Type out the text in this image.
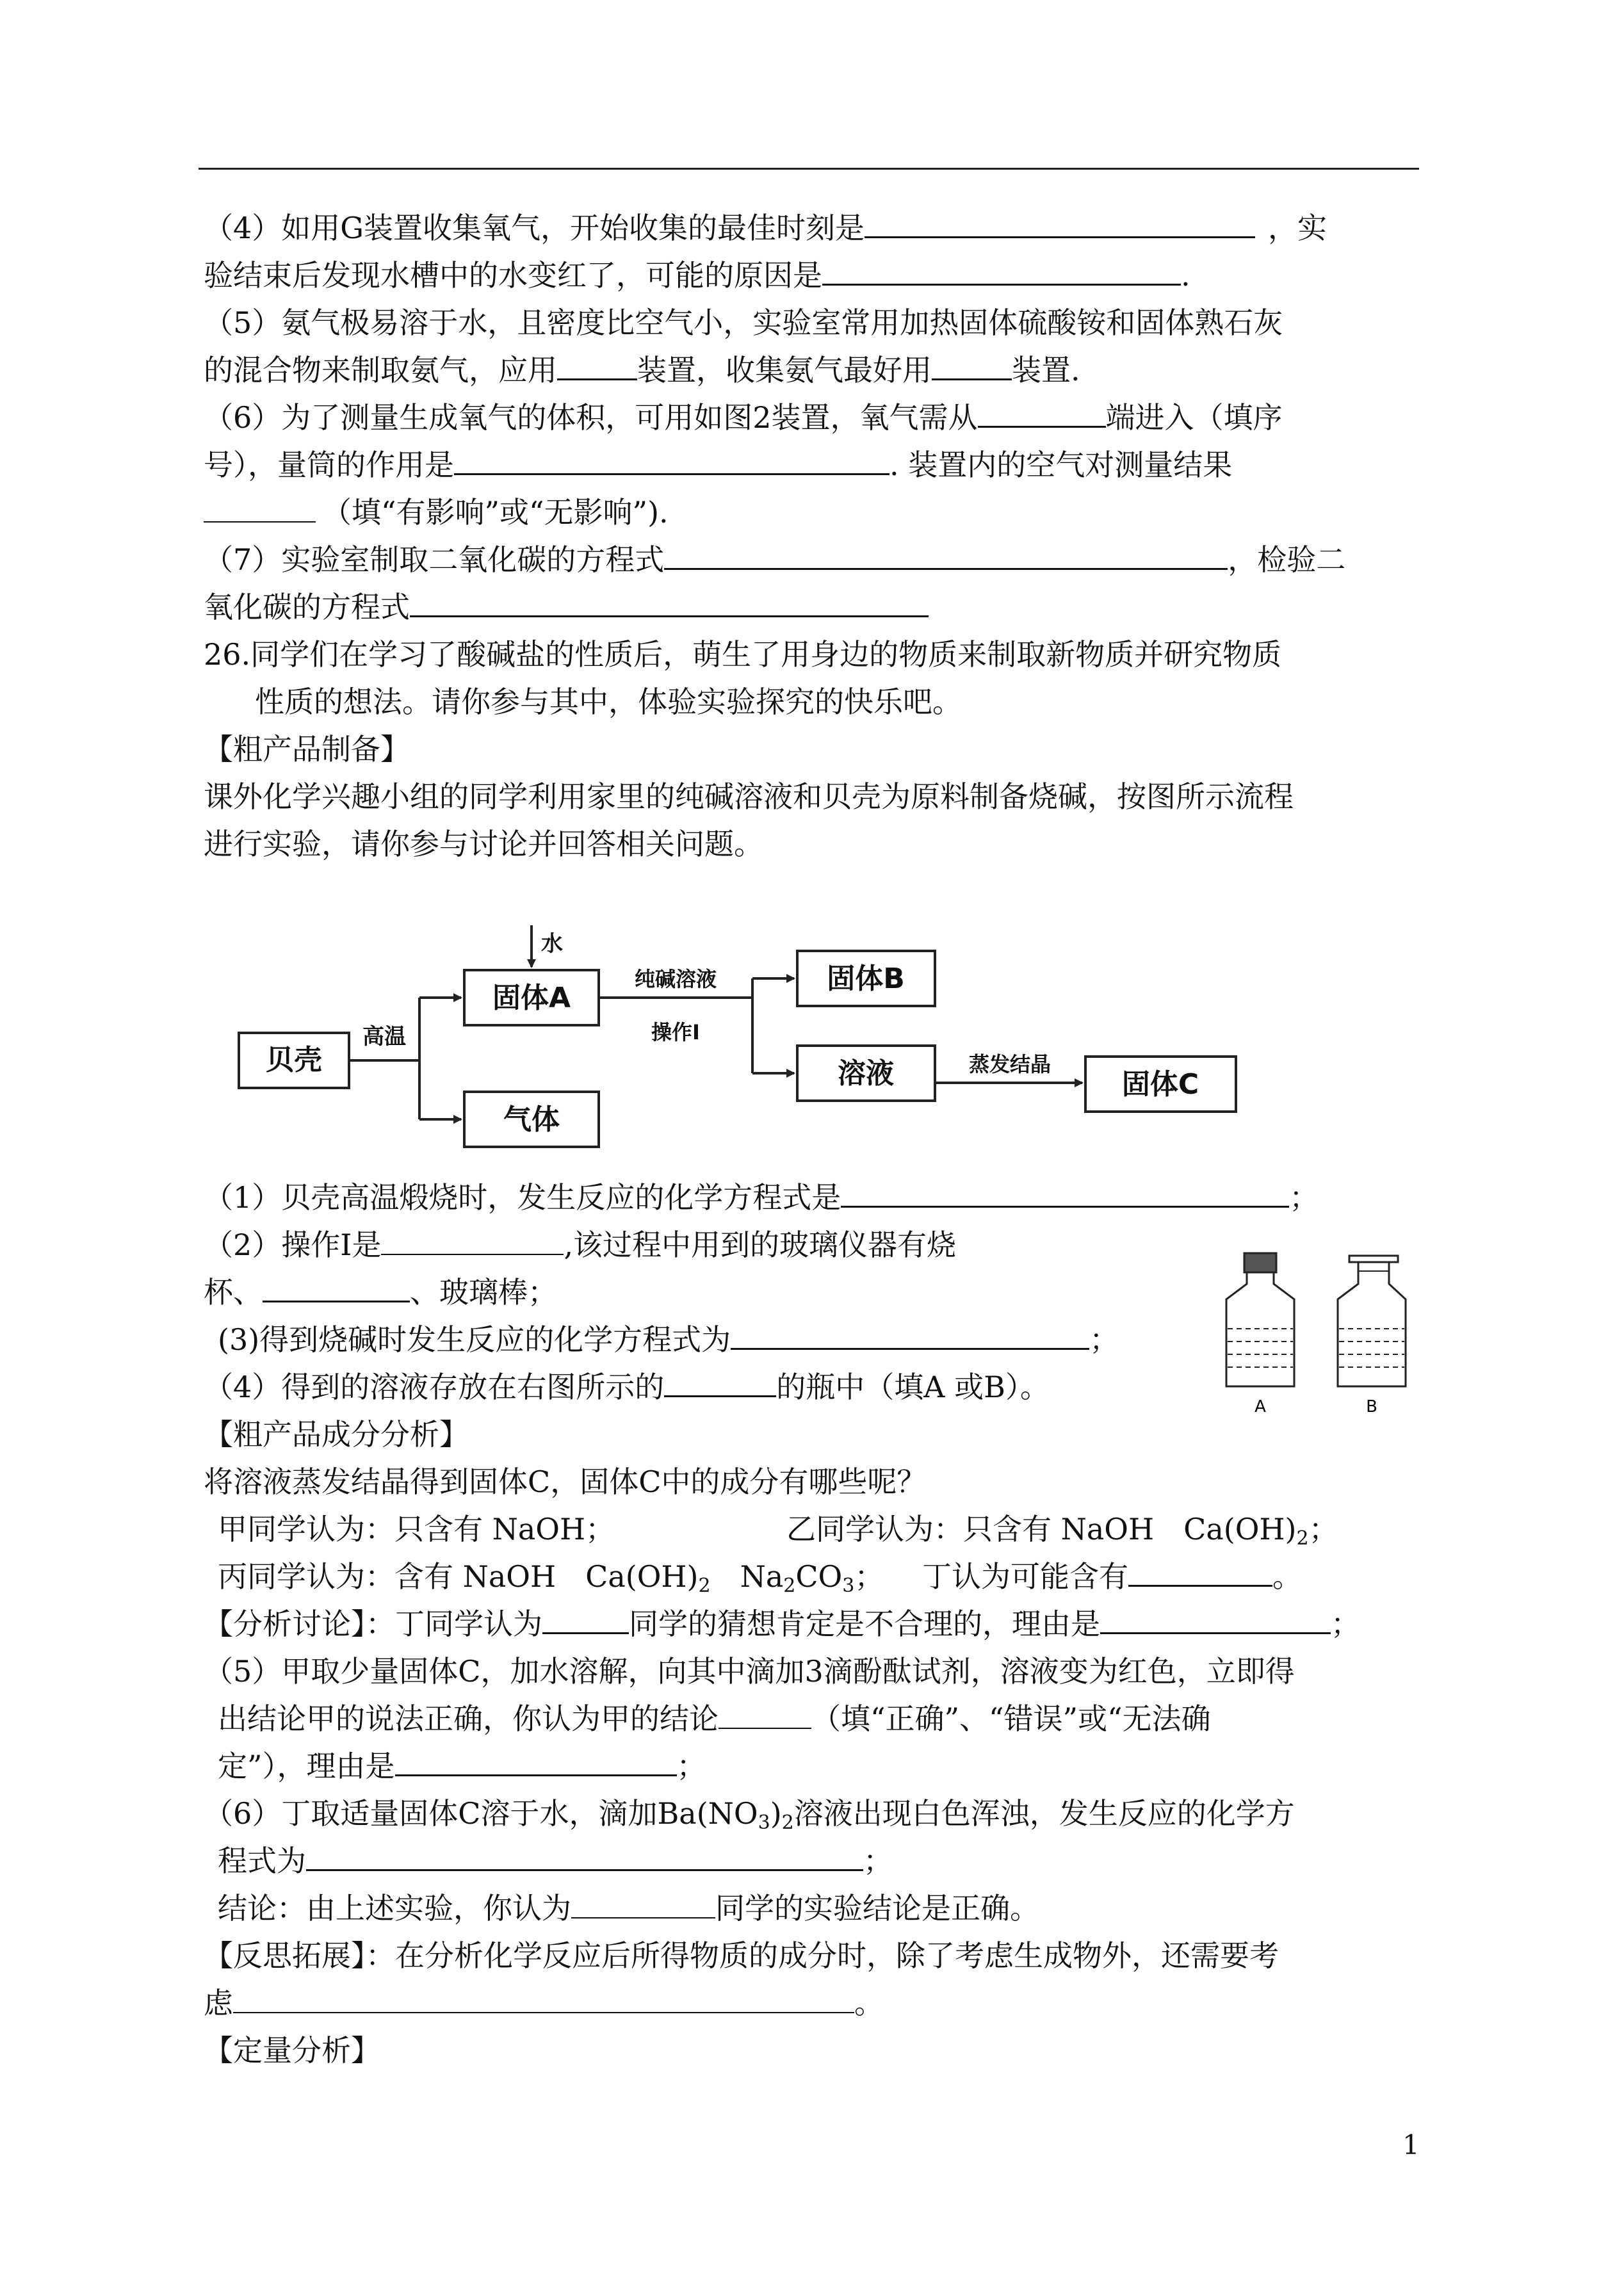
（4）如用G装置收集氧气，开始收集的最佳时刻是	，实
验结束后发现水槽中的水变红了，可能的原因是	.
（5）氨气极易溶于水，且密度比空气小，实验室常用加热固体硫酸铵和固体熟石灰
的混合物来制取氨气，应用	装置，收集氨气最好用	装置.
（6）为了测量生成氧气的体积，可用如图2装置，氧气需从	端进入（填序
号），量筒的作用是	. 装置内的空气对测量结果
（填“有影响”或“无影响”).
（7）实验室制取二氧化碳的方程式	，检验二
氧化碳的方程式
26.同学们在学习了酸碱盐的性质后，萌生了用身边的物质来制取新物质并研究物质
性质的想法。请你参与其中，体验实验探究的快乐吧。
【粗产品制备】
课外化学兴趣小组的同学利用家里的纯碱溶液和贝壳为原料制备烧碱，按图所示流程
进行实验，请你参与讨论并回答相关问题。
贝壳
高温
水
固体A
气体
纯碱溶液
操作Ⅰ
固体B
溶液	蒸发结晶
固体C
（1）贝壳高温煅烧时，发生反应的化学方程式是	；
（2）操作Ⅰ是	,该过程中用到的玻璃仪器有烧
杯、	、玻璃棒；
(3)得到烧碱时发生反应的化学方程式为	；
（4）得到的溶液存放在右图所示的	的瓶中（填A 或B）。
A	B
【粗产品成分分析】
将溶液蒸发结晶得到固体C，固体C中的成分有哪些呢？
甲同学认为：只含有 NaOH；	乙同学认为：只含有 NaOH　$Ca(OH)_2$；
丙同学认为：含有 NaOH　$Ca(OH)_2$　$Na_2CO_3$； 丁认为可能含有	。
【分析讨论】：丁同学认为	同学的猜想肯定是不合理的，理由是	；
（5）甲取少量固体C，加水溶解，向其中滴加3滴酚酞试剂，溶液变为红色，立即得
出结论甲的说法正确，你认为甲的结论	（填“正确”、“错误”或“无法确
定”），理由是	；
（6）丁取适量固体C溶于水，滴加$Ba(NO_3)_2$溶液出现白色浑浊，发生反应的化学方
程式为	；
结论：由上述实验，你认为	同学的实验结论是正确。
【反思拓展】：在分析化学反应后所得物质的成分时，除了考虑生成物外，还需要考
虑	。
【定量分析】
1
